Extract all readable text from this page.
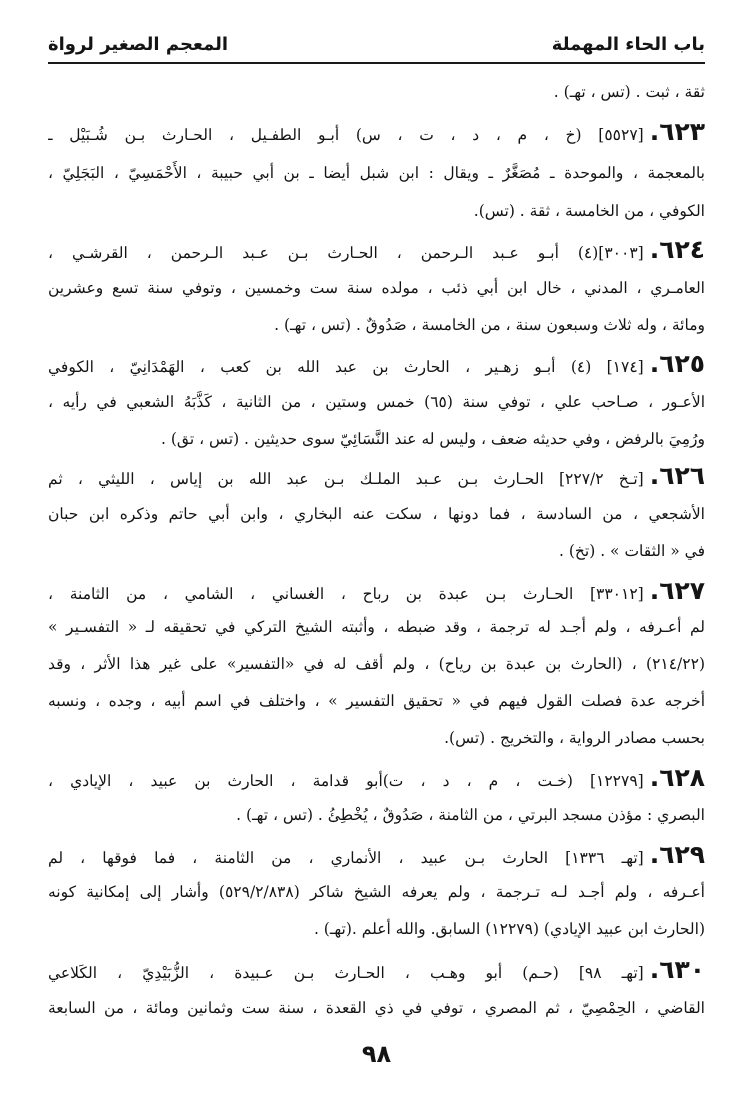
باب الحاء المهملة
المعجم الصغير لرواة
ثقة ، ثبت . (تس ، تهـ) .
٦٢٣.[٥٥٢٧] (خ ، م ، د ، ت ، س) أبـو الطفـيل ، الحـارث بـن شُـبَيْل ـ
بالمعجمة ، والموحدة ـ مُصَغَّرٌ ـ ويقال : ابن شبل أيضا ـ بن أبي حبيبة ، الأَحْمَسِيّ ، البَجَلِيّ ،
الكوفي ، من الخامسة ، ثقة . (تس).
٦٢٤.[٣٠٠٣](٤) أبـو عـبد الـرحمن ، الحـارث بـن عـبد الـرحمن ، القرشـي ،
العامـري ، المدني ، خال ابن أبي ذئب ، مولده سنة ست وخمسين ، وتوفي سنة تسع وعشرين
ومائة ، وله ثلاث وسبعون سنة ، من الخامسة ، صَدُوقٌ . (تس ، تهـ) .
٦٢٥.[١٧٤] (٤) أبـو زهـير ، الحارث بن عبد الله بن كعب ، الهَمْدَانِيّ ، الكوفي
الأعـور ، صـاحب علي ، توفي سنة (٦٥) خمس وستين ، من الثانية ، كَذَّبَهُ الشعبي في رأيه ،
ورُمِيَ بالرفض ، وفي حديثه ضعف ، وليس له عند النَّسَائِيّ سوى حديثين . (تس ، تق) .
٦٢٦.[تـخ ٢٢٧/٢] الحـارث بـن عـبد الملـك بـن عبد الله بن إياس ، الليثي ، ثم
الأشجعي ، من السادسة ، فما دونها ، سكت عنه البخاري ، وابن أبي حاتم وذكره ابن حبان
في « الثقات » . (تخ) .
٦٢٧.[٣٣٠١٢] الحـارث بـن عبدة بن رباح ، الغساني ، الشامي ، من الثامنة ،
لم أعـرفه ، ولم أجـد له ترجمة ، وقد ضبطه ، وأثبته الشيخ التركي في تحقيقه لـ « التفسـير »
(٢١٤/٢٢) ، (الحارث بن عبدة بن رياح) ، ولم أقف له في «التفسير» على غير هذا الأثر ، وقد
أخرجه عدة فصلت القول فيهم في « تحقيق التفسير » ، واختلف في اسم أبيه ، وجده ، ونسبه
بحسب مصادر الرواية ، والتخريج . (تس).
٦٢٨.[١٢٢٧٩] (خـت ، م ، د ، ت)أبو قدامة ، الحارث بن عبيد ، الإيادي ،
البصري : مؤذن مسجد البرتي ، من الثامنة ، صَدُوقٌ ، يُخْطِئُ . (تس ، تهـ) .
٦٢٩.[تهـ ١٣٣٦] الحارث بـن عبيد ، الأنماري ، من الثامنة ، فما فوقها ، لم
أعـرفه ، ولم أجـد لـه تـرجمة ، ولم يعرفه الشيخ شاكر (٥٢٩/٢/٨٣٨) وأشار إلى إمكانية كونه
(الحارث ابن عبيد الإيادي) (١٢٢٧٩) السابق. والله أعلم .(تهـ) .
٦٣٠.[تهـ ٩٨] (حـم) أبو وهـب ، الحـارث بـن عـبيدة ، الزُّبَيْدِيّ ، الكَلاعي
القاضي ، الحِمْصِيّ ، ثم المصري ، توفي في ذي القعدة ، سنة ست وثمانين ومائة ، من السابعة
٩٨
